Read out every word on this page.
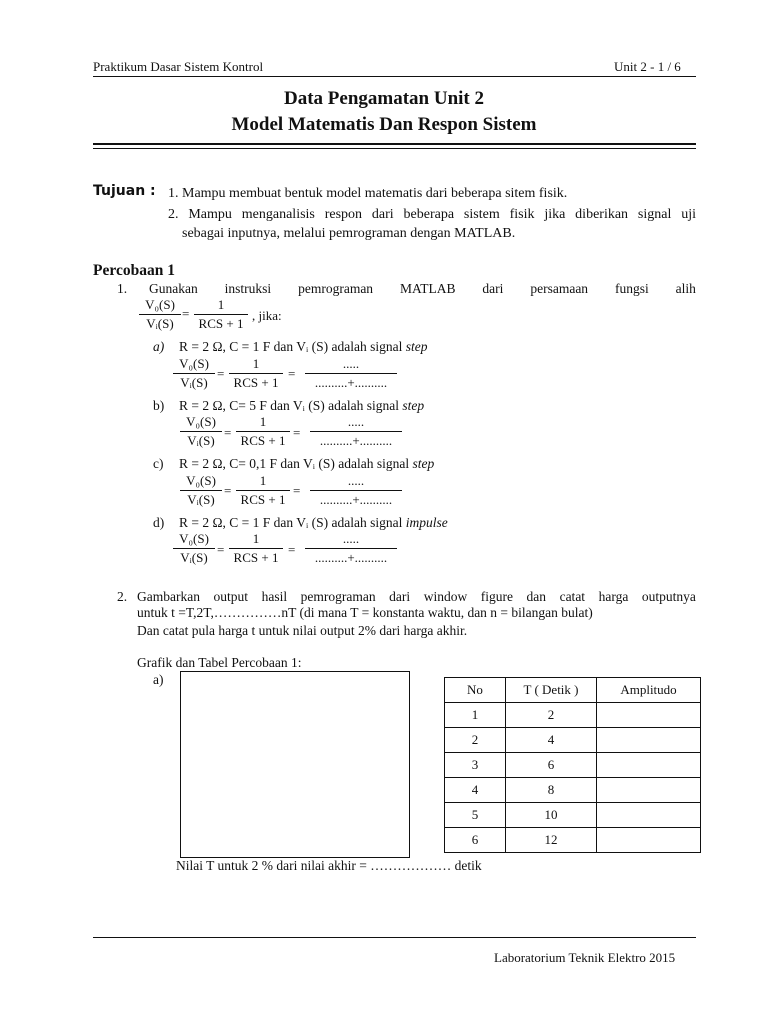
Praktikum Dasar Sistem Kontrol	Unit 2 - 1 / 6
Data Pengamatan Unit 2
Model Matematis Dan Respon Sistem
Tujuan : 1. Mampu membuat bentuk model matematis dari beberapa sitem fisik.
2. Mampu menganalisis respon dari beberapa sistem fisik jika diberikan signal uji
sebagai inputnya, melalui pemrograman dengan MATLAB.
Percobaan 1
1. Gunakan instruksi pemrograman MATLAB dari persamaan fungsi alih
V₀(S)
Vᵢ(S)
=
1
RCS + 1
, jika:
a) R = 2 Ω, C = 1 F dan Vᵢ (S) adalah signal step
V₀(S)
Vᵢ(S)
=
1
RCS + 1
=
.....
..........+..........
b) R = 2 Ω, C= 5 F dan Vᵢ (S) adalah signal step
V₀(S)
Vᵢ(S)
=
1
RCS + 1
=
.....
..........+..........
c) R = 2 Ω, C= 0,1 F dan Vᵢ (S) adalah signal step
V₀(S)
Vᵢ(S)
=
1
RCS + 1
=
.....
..........+..........
d) R = 2 Ω, C = 1 F dan Vᵢ (S) adalah signal impulse
V₀(S)
Vᵢ(S)
=
1
RCS + 1
=
.....
..........+..........
2. Gambarkan output hasil pemrograman dari window figure dan catat harga outputnya
untuk t =T,2T,……………nT (di mana T = konstanta waktu, dan n = bilangan bulat)
Dan catat pula harga t untuk nilai output 2% dari harga akhir.
Grafik dan Tabel Percobaan 1:
a)
No	T ( Detik )	Amplitudo
1	2	
2	4	
3	6	
4	8	
5	10	
6	12	
Nilai T untuk 2 % dari nilai akhir = ……………… detik
Laboratorium Teknik Elektro 2015
